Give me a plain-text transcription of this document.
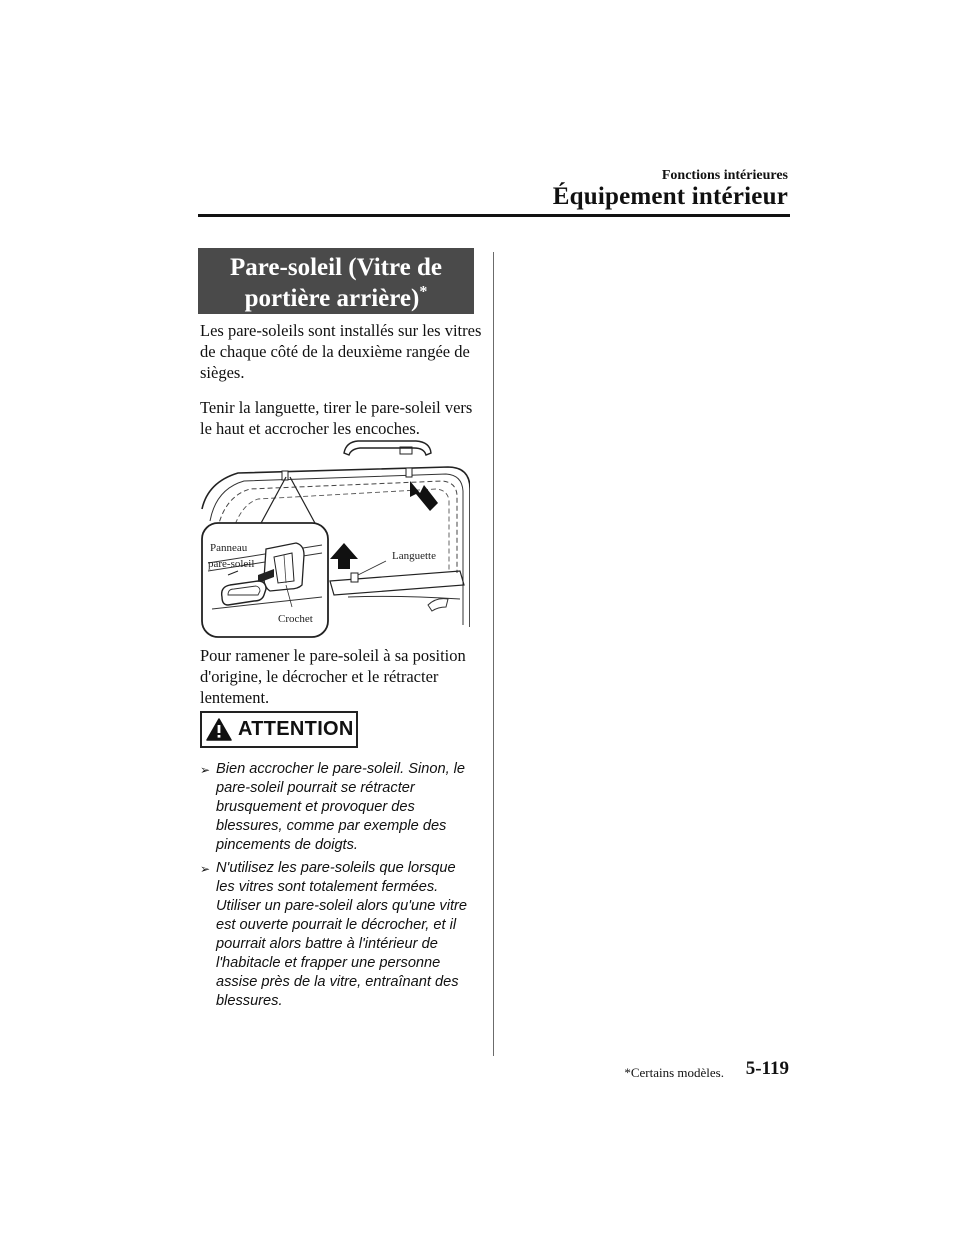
Fonctions intérieures
Équipement intérieur
Pare-soleil (Vitre de
portière arrière)*

Les pare-soleils sont installés sur les vitres de chaque côté de la deuxième rangée de sièges.

Tenir la languette, tirer le pare-soleil vers le haut et accrocher les encoches.

Panneau
pare-soleil
Languette
Crochet

Pour ramener le pare-soleil à sa position d'origine, le décrocher et le rétracter lentement.

ATTENTION
➢ Bien accrocher le pare-soleil. Sinon, le pare-soleil pourrait se rétracter brusquement et provoquer des blessures, comme par exemple des pincements de doigts.
➢ N'utilisez les pare-soleils que lorsque les vitres sont totalement fermées. Utiliser un pare-soleil alors qu'une vitre est ouverte pourrait le décrocher, et il pourrait alors battre à l'intérieur de l'habitacle et frapper une personne assise près de la vitre, entraînant des blessures.
*Certains modèles. 5-119
